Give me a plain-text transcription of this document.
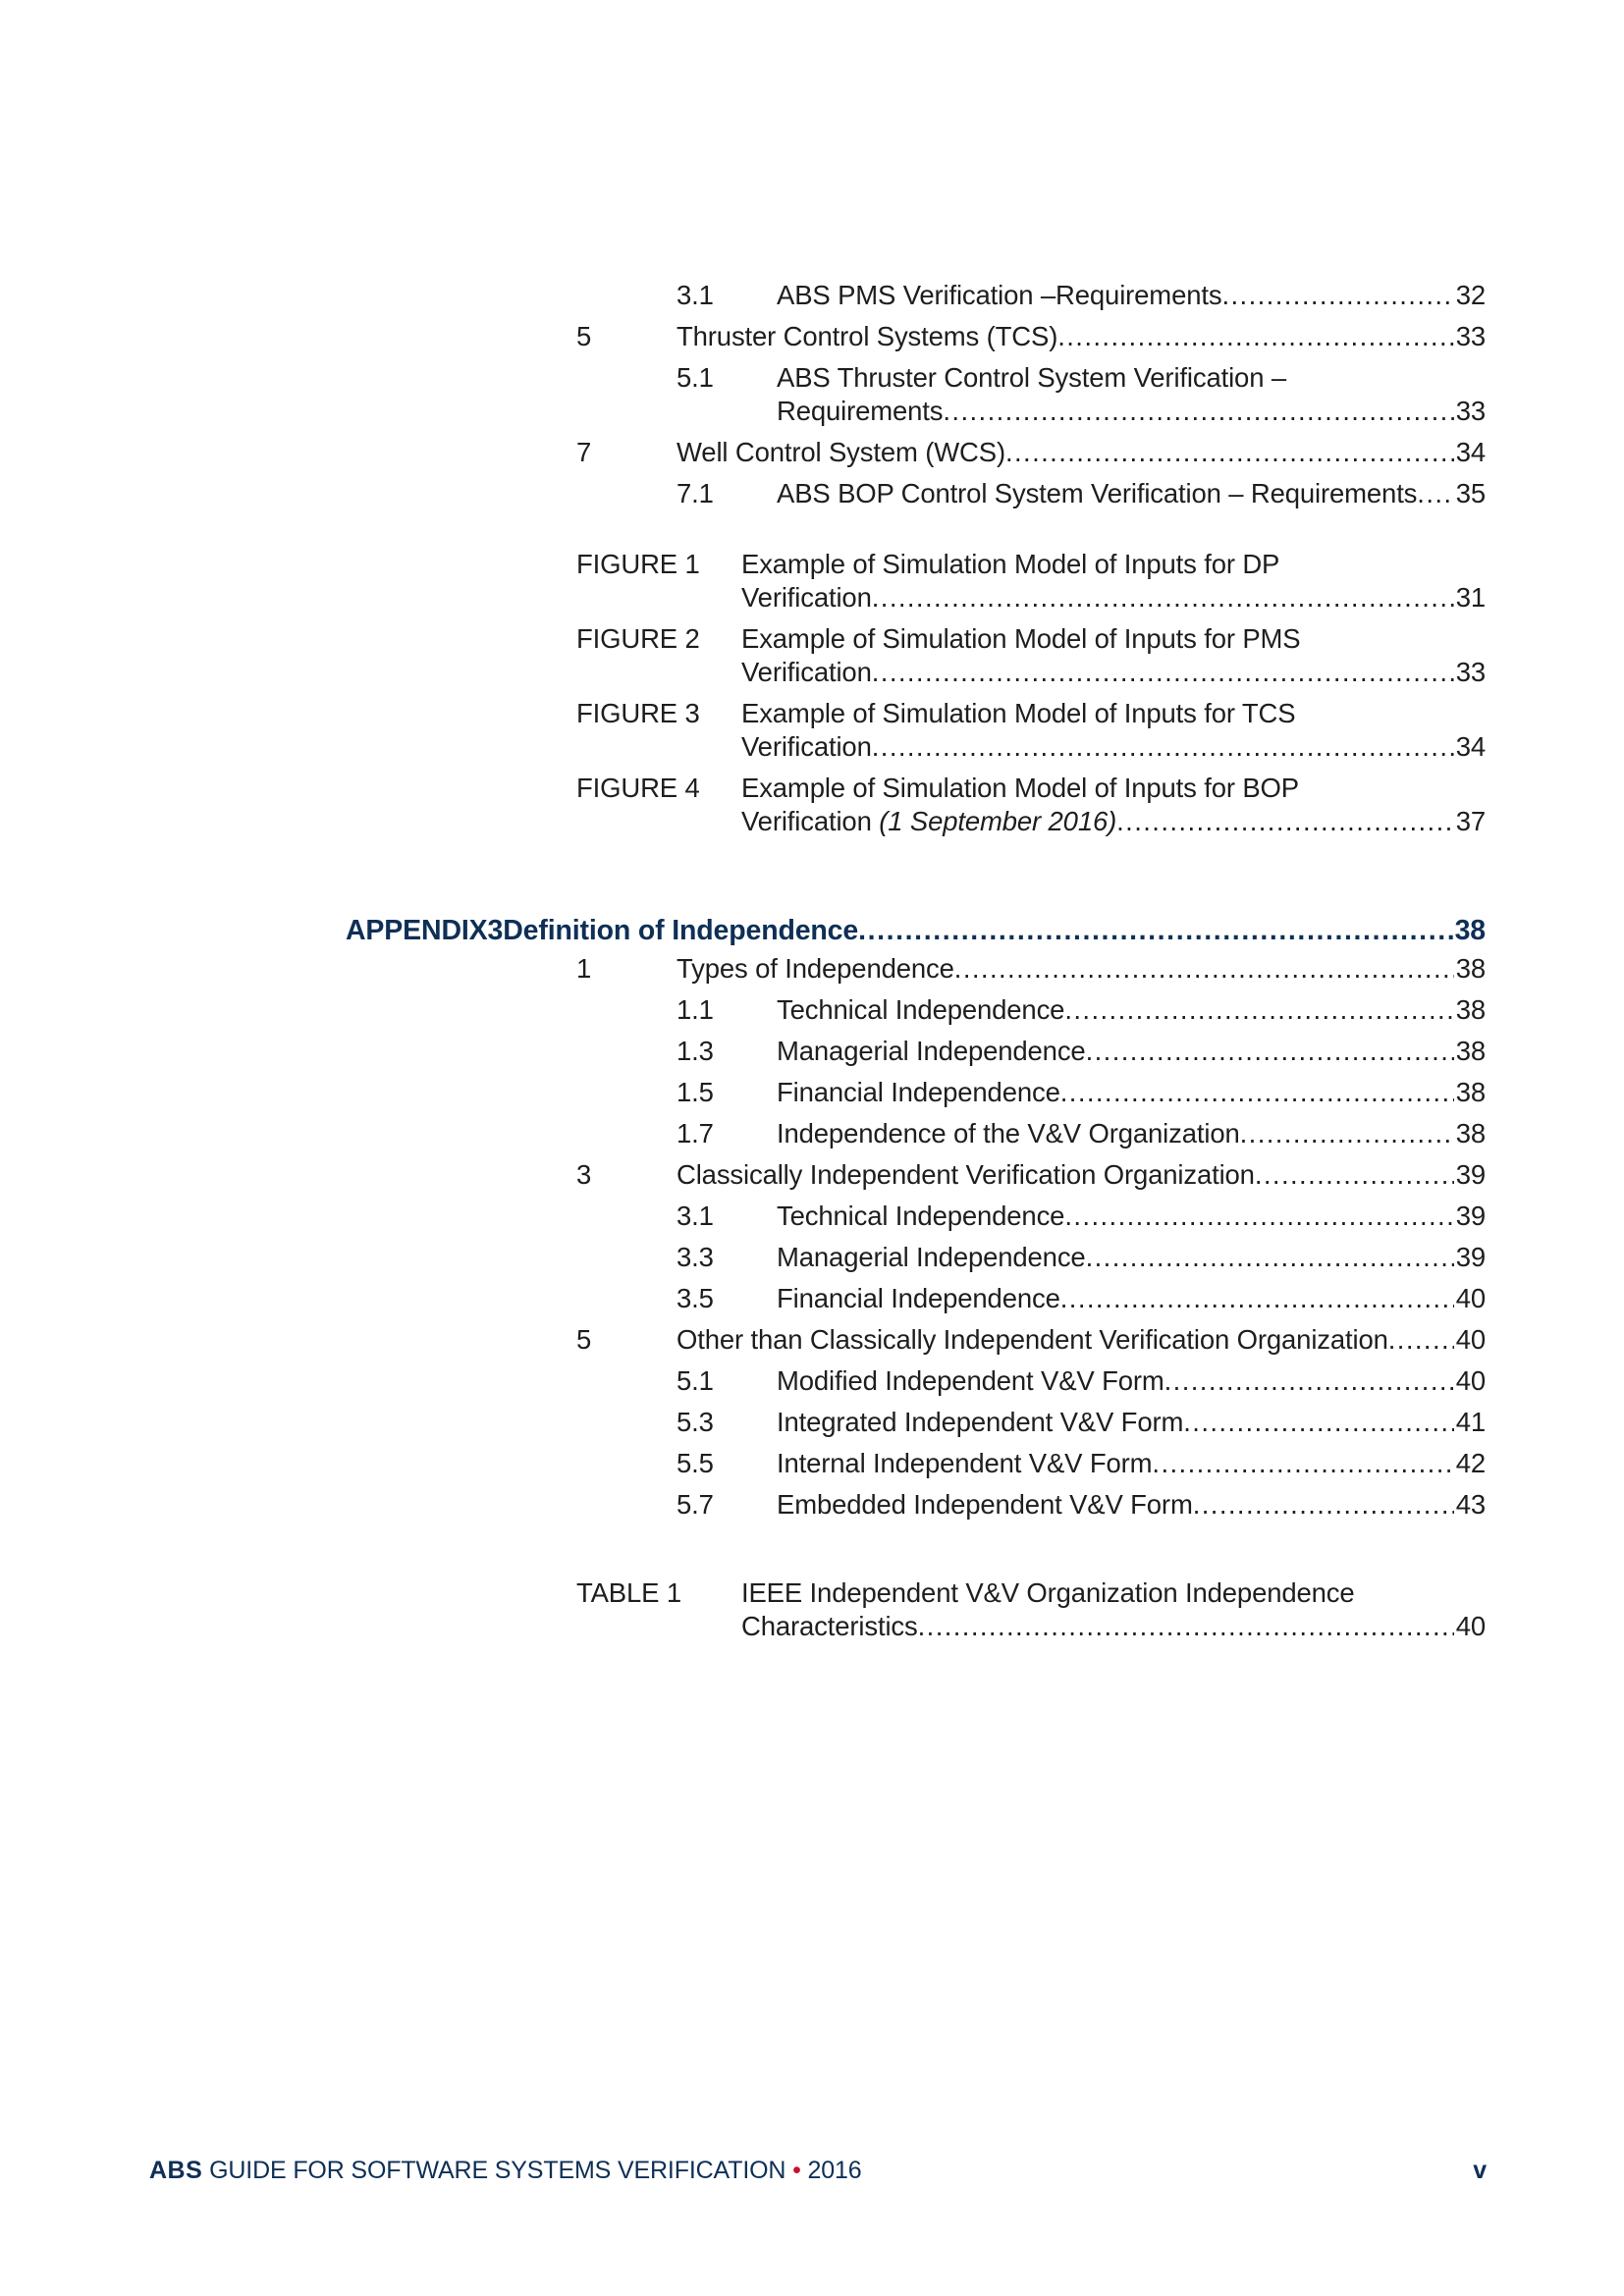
3.1	ABS PMS Verification –Requirements .....	32
5	Thruster Control Systems (TCS) .....	33
5.1	ABS Thruster Control System Verification –
Requirements .....	33
7	Well Control System (WCS) .....	34
7.1	ABS BOP Control System Verification – Requirements ..... 35
FIGURE 1	Example of Simulation Model of Inputs for DP
Verification .....	31
FIGURE 2	Example of Simulation Model of Inputs for PMS
Verification .....	33
FIGURE 3	Example of Simulation Model of Inputs for TCS
Verification .....	34
FIGURE 4	Example of Simulation Model of Inputs for BOP
Verification
(1 September 2016) .....	37
APPENDIX 3 Definition of Independence .....	38
1	Types of Independence .....	38
1.1	Technical Independence .....	38
1.3	Managerial Independence .....	38
1.5	Financial Independence .....	38
1.7	Independence of the V&V Organization .....	38
3	Classically Independent Verification Organization .....	39
3.1	Technical Independence .....	39
3.3	Managerial Independence .....	39
3.5	Financial Independence .....	40
5	Other than Classically Independent Verification Organization .....	40
5.1	Modified Independent V&V Form .....	40
5.3	Integrated Independent V&V Form .....	41
5.5	Internal Independent V&V Form .....	42
5.7	Embedded Independent V&V Form .....	43
TABLE 1	IEEE Independent V&V Organization Independence
Characteristics .....	40
ABS GUIDE FOR SOFTWARE SYSTEMS VERIFICATION • 2016	v
